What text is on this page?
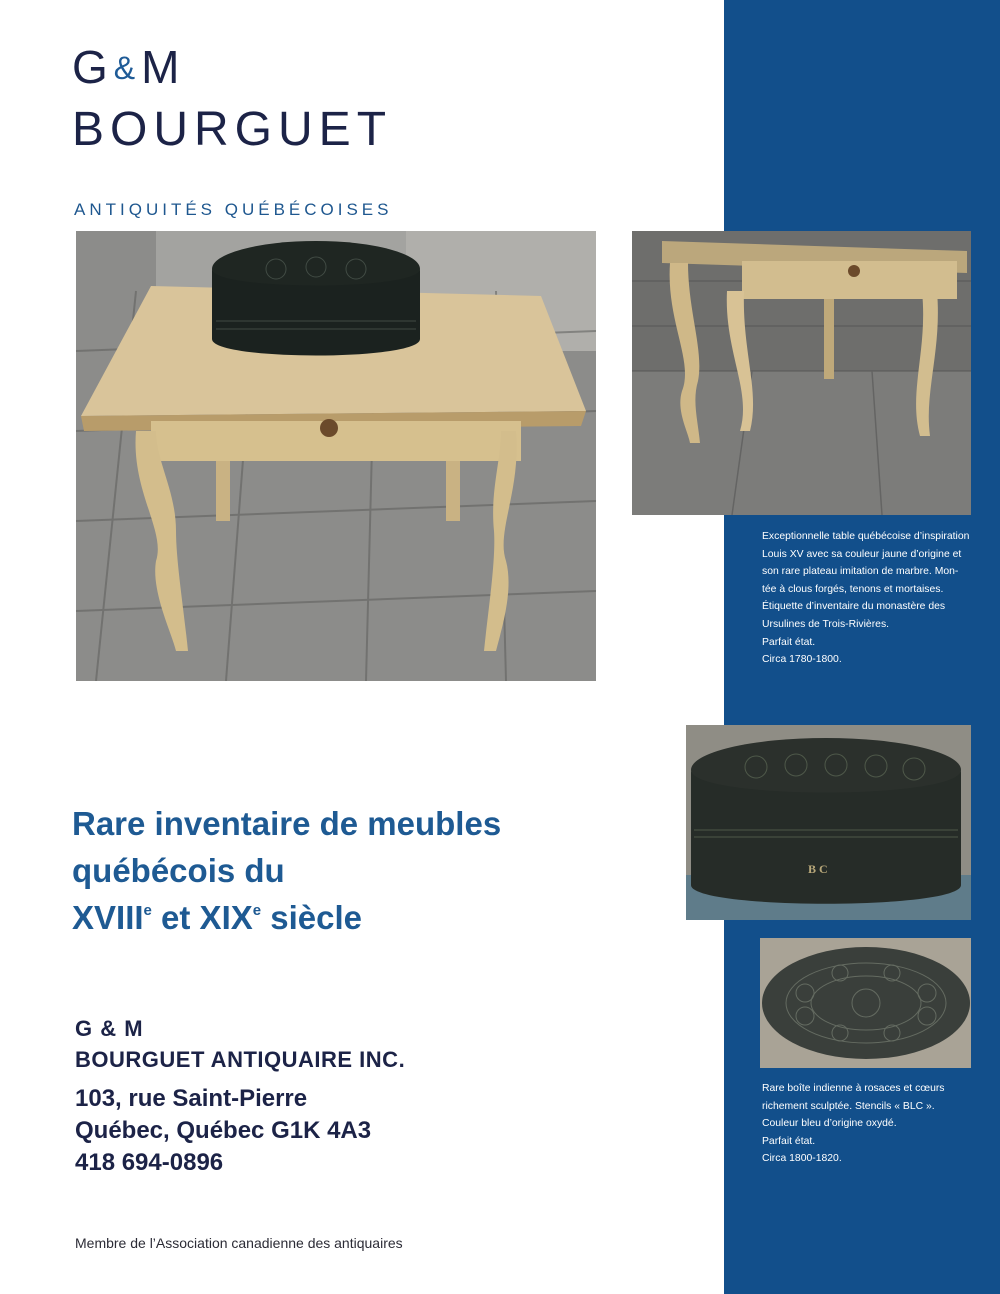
G &M
BOURGUET
ANTIQUITÉS QUÉBÉCOISES
B C
Exceptionnelle table québécoise d’inspiration
Louis XV avec sa couleur jaune d’origine et
son rare plateau imitation de marbre. Mon-
tée à clous forgés, tenons et mortaises.
Étiquette d’inventaire du monastère des
Ursulines de Trois-Rivières.
Parfait état.
Circa 1780-1800.
Rare boîte indienne à rosaces et cœurs
richement sculptée. Stencils « BLC ».
Couleur bleu d’origine oxydé.
Parfait état.
Circa 1800-1820.
Rare inventaire de meubles
québécois du
XVIIIe et XIXe siècle
G & M
BOURGUET ANTIQUAIRE INC.
103, rue Saint-Pierre
Québec, Québec G1K 4A3
418 694-0896
Membre de l’Association canadienne des antiquaires
